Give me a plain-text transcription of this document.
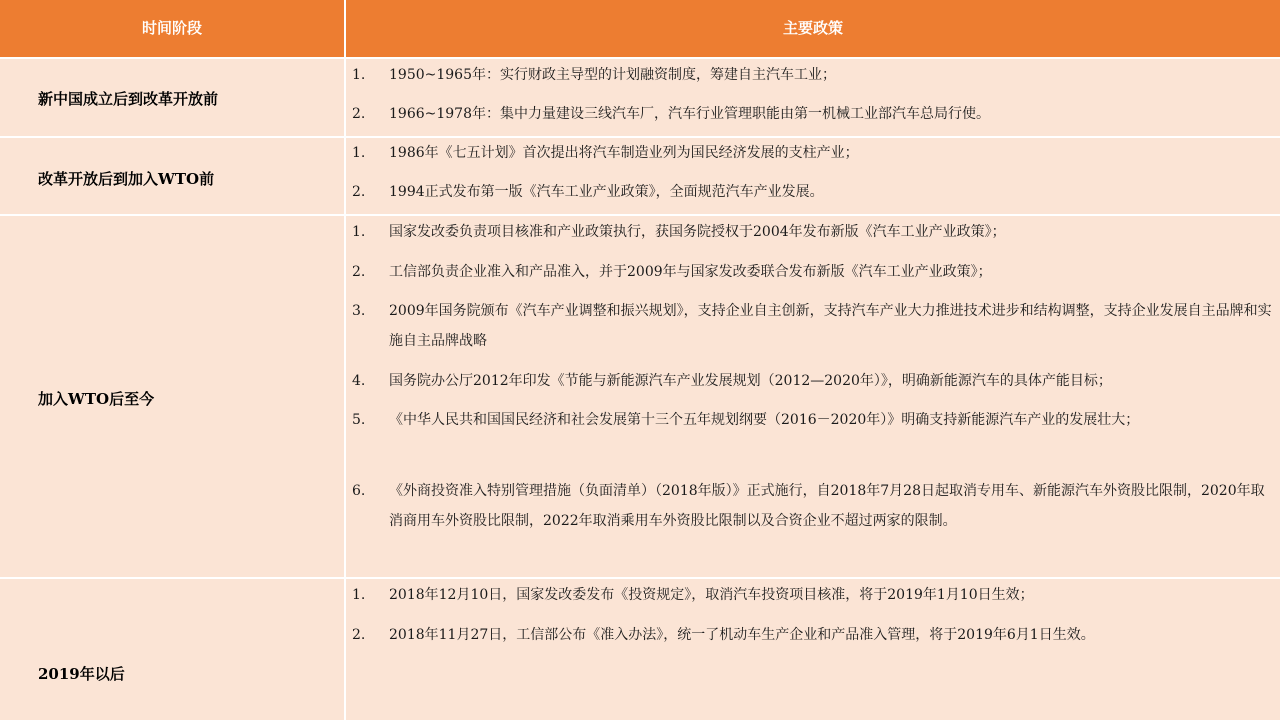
时间阶段	主要政策
新中国成立后到改革开放前
1.	1950~1965年：实行财政主导型的计划融资制度，筹建自主汽车工业；
2.	1966~1978年：集中力量建设三线汽车厂，汽车行业管理职能由第一机械工业部汽车总局行使。
改革开放后到加入WTO前
1.	1986年《七五计划》首次提出将汽车制造业列为国民经济发展的支柱产业；
2.	1994正式发布第一版《汽车工业产业政策》，全面规范汽车产业发展。
加入WTO后至今
1.	国家发改委负责项目核准和产业政策执行，获国务院授权于2004年发布新版《汽车工业产业政策》；
2.	工信部负责企业准入和产品准入，并于2009年与国家发改委联合发布新版《汽车工业产业政策》；
3.	2009年国务院颁布《汽车产业调整和振兴规划》，支持企业自主创新，支持汽车产业大力推进技术进步和结构调整，支持企业发展自主品牌和实施自主品牌战略
4.	国务院办公厅2012年印发《节能与新能源汽车产业发展规划（2012—2020年）》，明确新能源汽车的具体产能目标；
5.	《中华人民共和国国民经济和社会发展第十三个五年规划纲要（2016－2020年）》明确支持新能源汽车产业的发展壮大；
6.	《外商投资准入特别管理措施（负面清单）（2018年版）》正式施行，自2018年7月28日起取消专用车、新能源汽车外资股比限制，2020年取消商用车外资股比限制，2022年取消乘用车外资股比限制以及合资企业不超过两家的限制。
2019年以后
1.	2018年12月10日，国家发改委发布《投资规定》，取消汽车投资项目核准，将于2019年1月10日生效；
2.	2018年11月27日，工信部公布《准入办法》，统一了机动车生产企业和产品准入管理，将于2019年6月1日生效。
